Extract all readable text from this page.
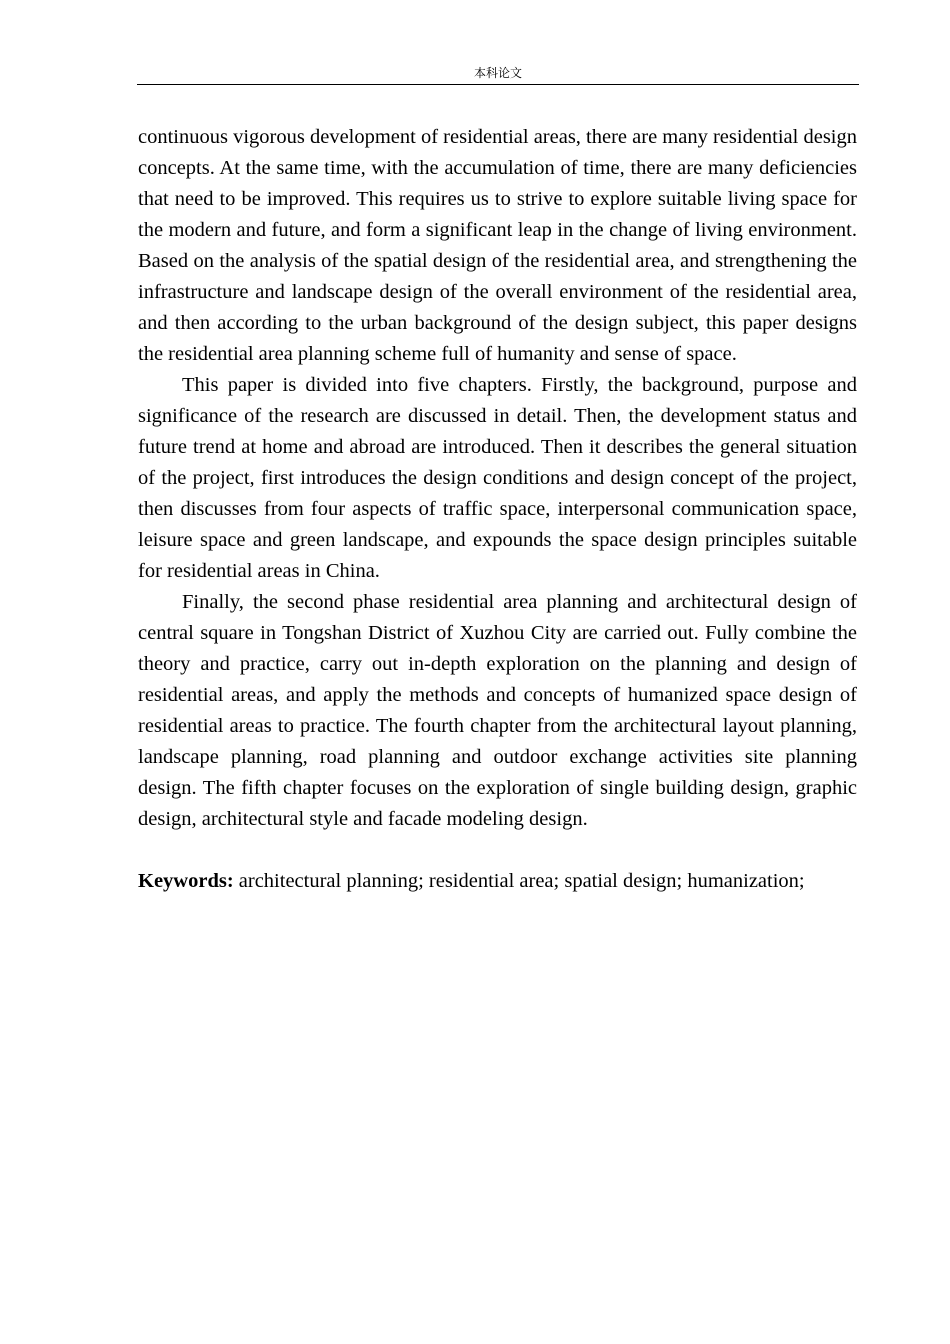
本科论文

continuous vigorous development of residential areas, there are many residential design concepts. At the same time, with the accumulation of time, there are many deficiencies that need to be improved. This requires us to strive to explore suitable living space for the modern and future, and form a significant leap in the change of living environment. Based on the analysis of the spatial design of the residential area, and strengthening the infrastructure and landscape design of the overall environment of the residential area, and then according to the urban background of the design subject, this paper designs the residential area planning scheme full of humanity and sense of space.

This paper is divided into five chapters. Firstly, the background, purpose and significance of the research are discussed in detail. Then, the development status and future trend at home and abroad are introduced. Then it describes the general situation of the project, first introduces the design conditions and design concept of the project, then discusses from four aspects of traffic space, interpersonal communication space, leisure space and green landscape, and expounds the space design principles suitable for residential areas in China.

Finally, the second phase residential area planning and architectural design of central square in Tongshan District of Xuzhou City are carried out. Fully combine the theory and practice, carry out in-depth exploration on the planning and design of residential areas, and apply the methods and concepts of humanized space design of residential areas to practice. The fourth chapter from the architectural layout planning, landscape planning, road planning and outdoor exchange activities site planning design. The fifth chapter focuses on the exploration of single building design, graphic design, architectural style and facade modeling design.

Keywords: architectural planning; residential area; spatial design; humanization;
